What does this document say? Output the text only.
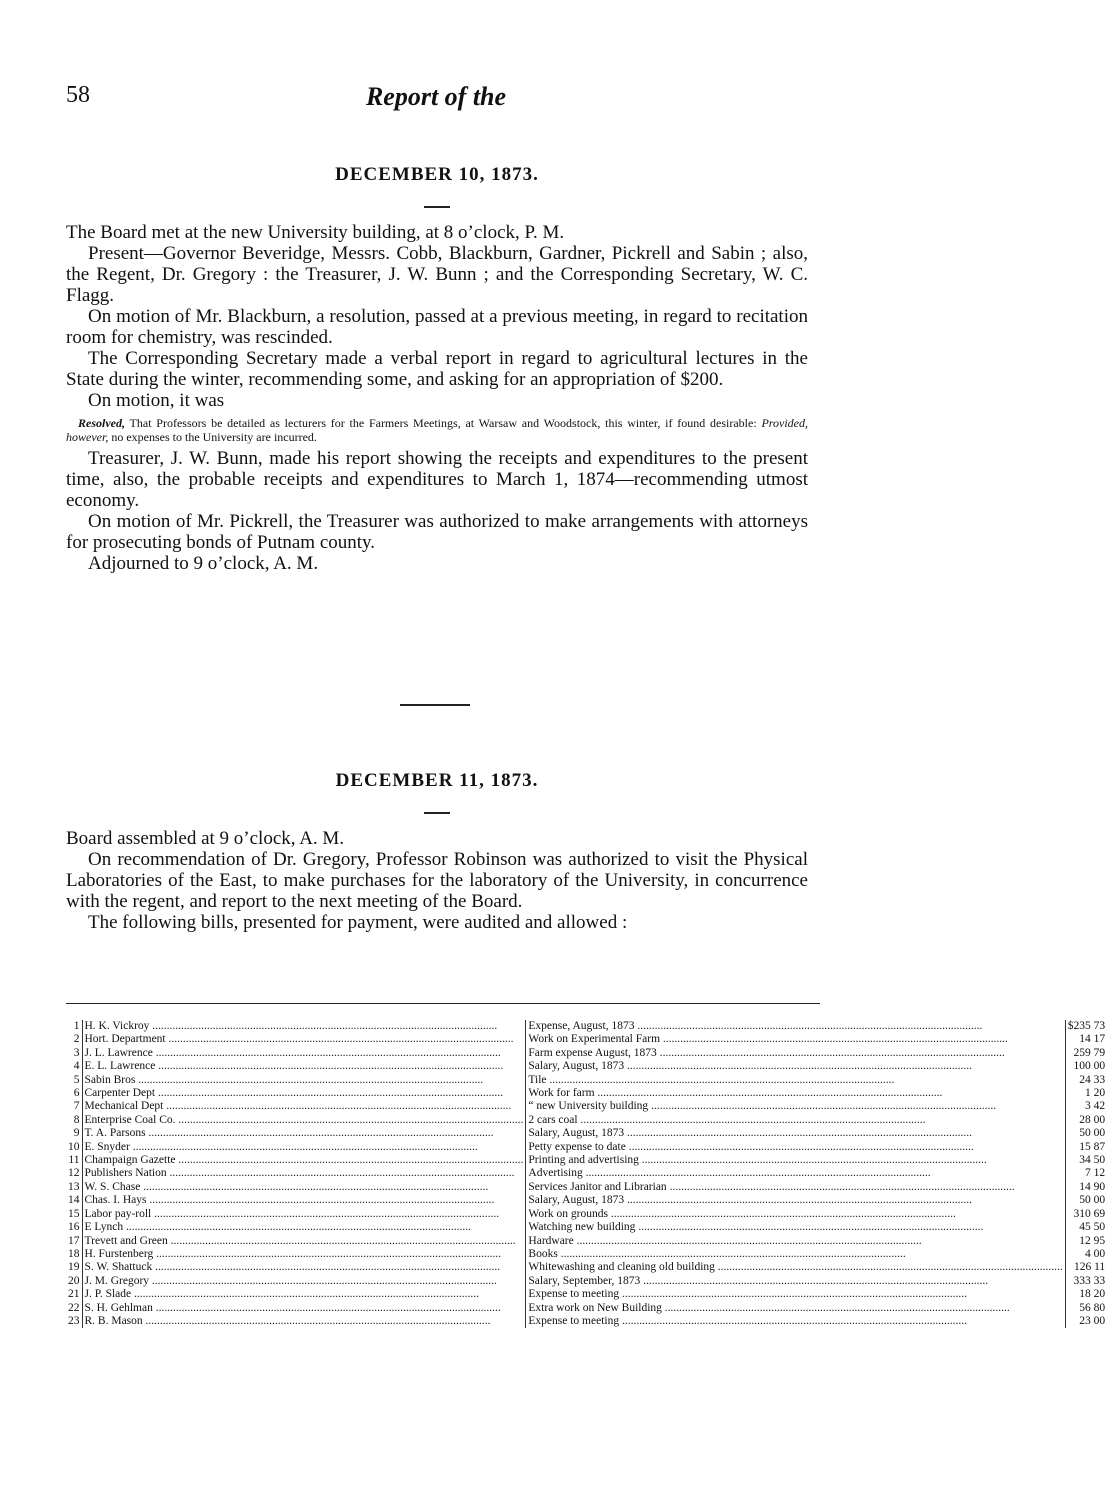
58	Report of the
DECEMBER 10, 1873.

The Board met at the new University building, at 8 o’clock, P. M.

Present—Governor Beveridge, Messrs. Cobb, Blackburn, Gardner, Pickrell and Sabin ; also, the Regent, Dr. Gregory : the Treasurer, J. W. Bunn ; and the Corresponding Secretary, W. C. Flagg.

On motion of Mr. Blackburn, a resolution, passed at a previous meeting, in regard to recitation room for chemistry, was rescinded.

The Corresponding Secretary made a verbal report in regard to agricultural lectures in the State during the winter, recommending some, and asking for an appropriation of $200.

On motion, it was

Resolved, That Professors be detailed as lecturers for the Farmers Meetings, at Warsaw and Woodstock, this winter, if found desirable: Provided, however, no expenses to the University are incurred.

Treasurer, J. W. Bunn, made his report showing the receipts and expenditures to the present time, also, the probable receipts and expenditures to March 1, 1874—recommending utmost economy.

On motion of Mr. Pickrell, the Treasurer was authorized to make arrangements with attorneys for prosecuting bonds of Putnam county.

Adjourned to 9 o’clock, A. M.

DECEMBER 11, 1873.

Board assembled at 9 o’clock, A. M.

On recommendation of Dr. Gregory, Professor Robinson was authorized to visit the Physical Laboratories of the East, to make purchases for the laboratory of the University, in concurrence with the regent, and report to the next meeting of the Board.

The following bills, presented for payment, were audited and allowed :

1	H. K. Vickroy .....	Expense, August, 1873 .....	$235 73
2	Hort. Department .....	Work on Experimental Farm .....	14 17
3	J. L. Lawrence .....	Farm expense August, 1873 .....	259 79
4	E. L. Lawrence .....	Salary, August, 1873 .....	100 00
5	Sabin Bros .....	Tile .....	24 33
6	Carpenter Dept .....	Work for farm .....	1 20
7	Mechanical Dept .....	“ new University building .....	3 42
8	Enterprise Coal Co. .....	2 cars coal .....	28 00
9	T. A. Parsons .....	Salary, August, 1873 .....	50 00
10	E. Snyder .....	Petty expense to date .....	15 87
11	Champaign Gazette .....	Printing and advertising .....	34 50
12	Publishers Nation .....	Advertising .....	7 12
13	W. S. Chase .....	Services Janitor and Librarian .....	14 90
14	Chas. I. Hays .....	Salary, August, 1873 .....	50 00
15	Labor pay-roll .....	Work on grounds .....	310 69
16	E Lynch .....	Watching new building .....	45 50
17	Trevett and Green .....	Hardware .....	12 95
18	H. Furstenberg .....	Books .....	4 00
19	S. W. Shattuck .....	Whitewashing and cleaning old building .....	126 11
20	J. M. Gregory .....	Salary, September, 1873 .....	333 33
21	J. P. Slade .....	Expense to meeting .....	18 20
22	S. H. Gehlman .....	Extra work on New Building .....	56 80
23	R. B. Mason .....	Expense to meeting .....	23 00
